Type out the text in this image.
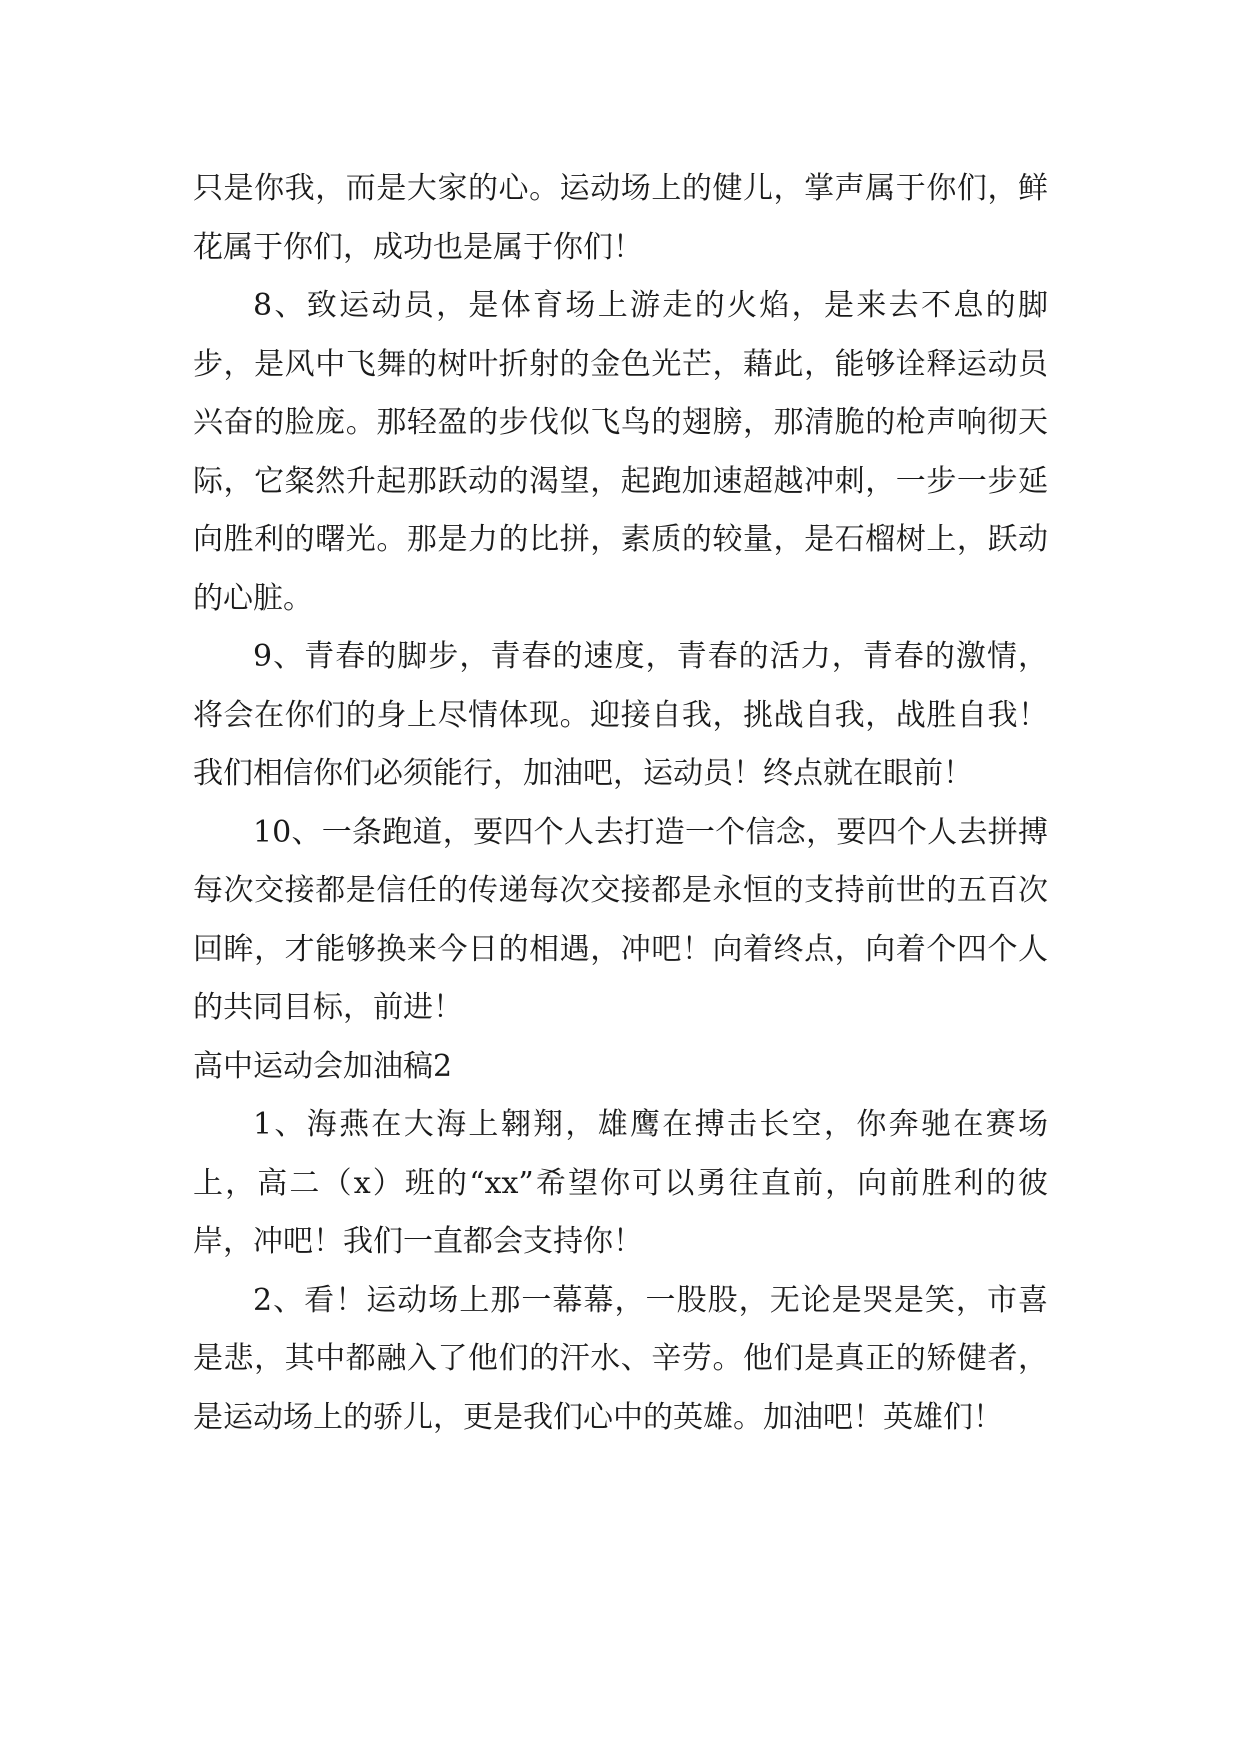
只是你我，而是大家的心。运动场上的健儿，掌声属于你们，鲜花属于你们，成功也是属于你们！

8、致运动员，是体育场上游走的火焰，是来去不息的脚步，是风中飞舞的树叶折射的金色光芒，藉此，能够诠释运动员兴奋的脸庞。那轻盈的步伐似飞鸟的翅膀，那清脆的枪声响彻天际，它粲然升起那跃动的渴望，起跑加速超越冲刺，一步一步延向胜利的曙光。那是力的比拼，素质的较量，是石榴树上，跃动的心脏。

9、青春的脚步，青春的速度，青春的活力，青春的激情，将会在你们的身上尽情体现。迎接自我，挑战自我，战胜自我！我们相信你们必须能行，加油吧，运动员！终点就在眼前！

10、一条跑道，要四个人去打造一个信念，要四个人去拼搏每次交接都是信任的传递每次交接都是永恒的支持前世的五百次回眸，才能够换来今日的相遇，冲吧！向着终点，向着个四个人的共同目标，前进！

高中运动会加油稿2

1、海燕在大海上翱翔，雄鹰在搏击长空，你奔驰在赛场上，高二（x）班的“xx”希望你可以勇往直前，向前胜利的彼岸，冲吧！我们一直都会支持你！

2、看！运动场上那一幕幕，一股股，无论是哭是笑，市喜是悲，其中都融入了他们的汗水、辛劳。他们是真正的矫健者，是运动场上的骄儿，更是我们心中的英雄。加油吧！英雄们！
